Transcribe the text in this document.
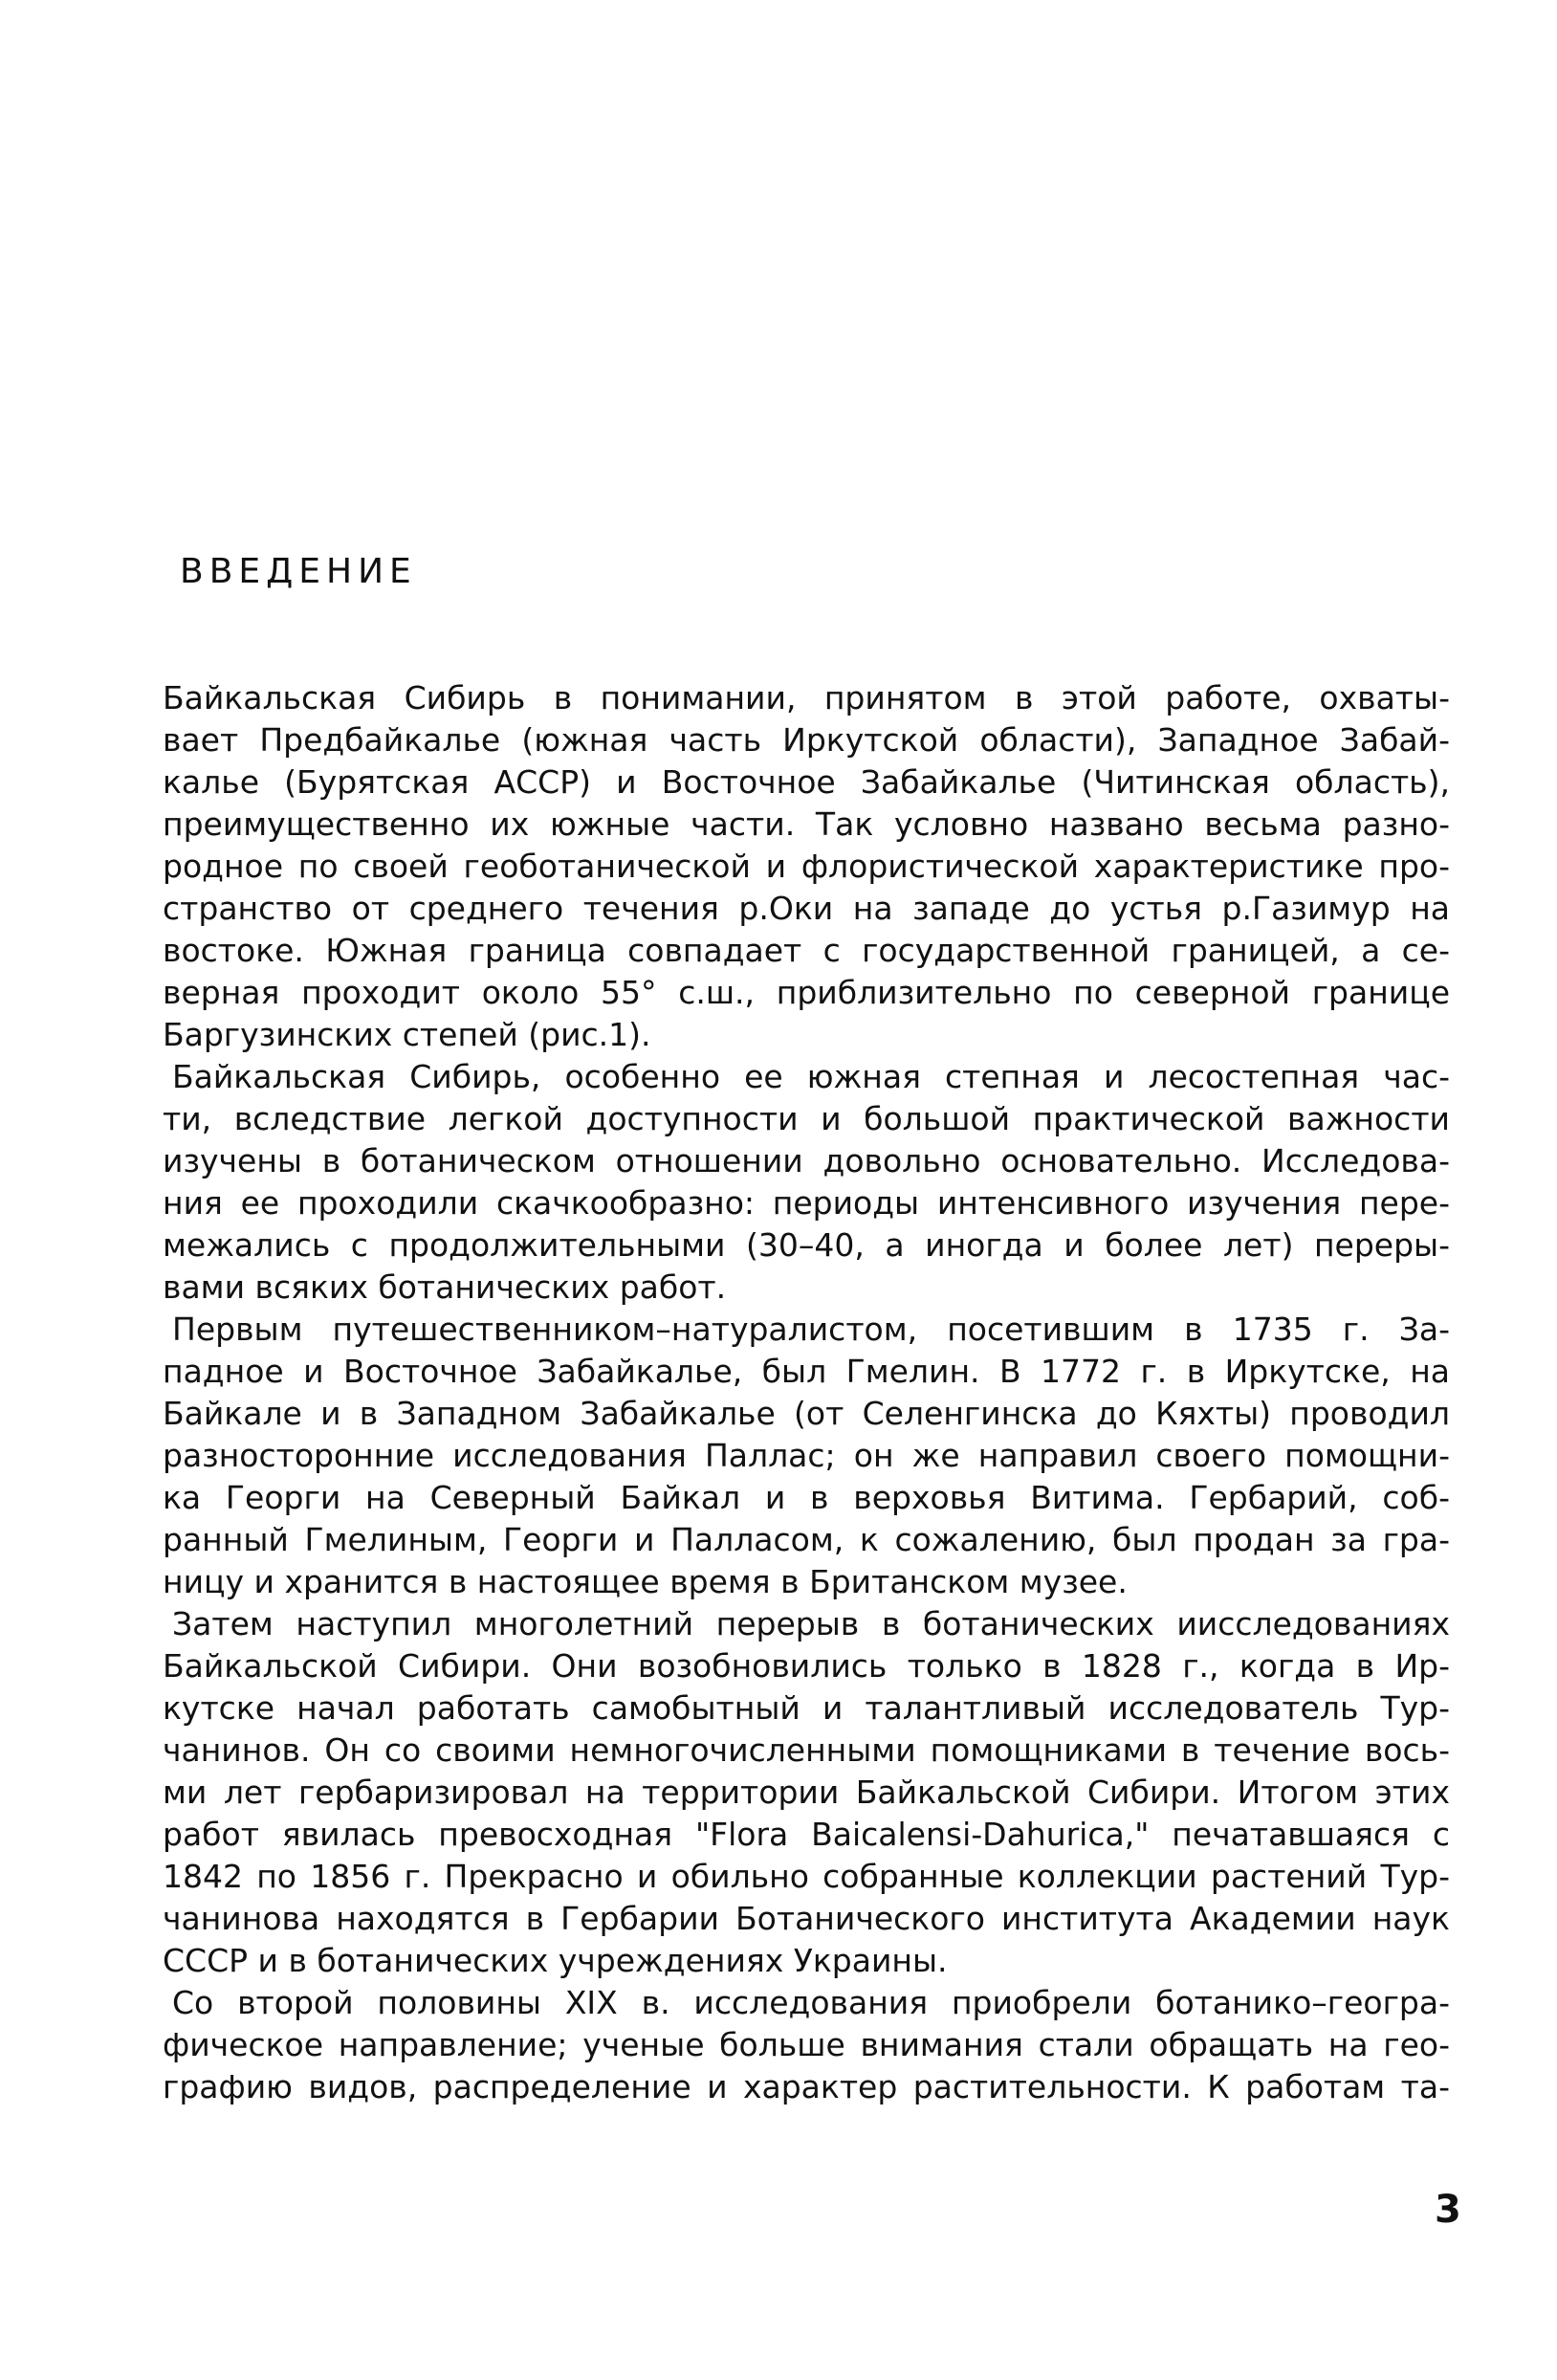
ВВЕДЕНИЕ
Байкальская Сибирь в понимании, принятом в этой работе, охваты-
вает Предбайкалье (южная часть Иркутской области), Западное Забай-
калье (Бурятская АССР) и Восточное Забайкалье (Читинская область),
преимущественно их южные части. Так условно названо весьма разно-
родное по своей геоботанической и флористической характеристике про-
странство от среднего течения р.Оки на западе до устья р.Газимур на
востоке. Южная граница совпадает с государственной границей, а се-
верная проходит около 55° с.ш., приблизительно по северной границе
Баргузинских степей (рис.1).
Байкальская Сибирь, особенно ее южная степная и лесостепная час-
ти, вследствие легкой доступности и большой практической важности
изучены в ботаническом отношении довольно основательно. Исследова-
ния ее проходили скачкообразно: периоды интенсивного изучения пере-
межались с продолжительными (30–40, а иногда и более лет) переры-
вами всяких ботанических работ.
Первым путешественником–натуралистом, посетившим в 1735 г. За-
падное и Восточное Забайкалье, был Гмелин. В 1772 г. в Иркутске, на
Байкале и в Западном Забайкалье (от Селенгинска до Кяхты) проводил
разносторонние исследования Паллас; он же направил своего помощни-
ка Георги на Северный Байкал и в верховья Витима. Гербарий, соб-
ранный Гмелиным, Георги и Палласом, к сожалению, был продан за гра-
ницу и хранится в настоящее время в Британском музее.
Затем наступил многолетний перерыв в ботанических иисследованиях
Байкальской Сибири. Они возобновились только в 1828 г., когда в Ир-
кутске начал работать самобытный и талантливый исследователь Тур-
чанинов. Он со своими немногочисленными помощниками в течение вось-
ми лет гербаризировал на территории Байкальской Сибири. Итогом этих
работ явилась превосходная "Flora Baicalensi-Dahurica," печатавшаяся с
1842 по 1856 г. Прекрасно и обильно собранные коллекции растений Тур-
чанинова находятся в Гербарии Ботанического института Академии наук
СССР и в ботанических учреждениях Украины.
Со второй половины XIX в. исследования приобрели ботанико–геогра-
фическое направление; ученые больше внимания стали обращать на гео-
графию видов, распределение и характер растительности. К работам та-
3
